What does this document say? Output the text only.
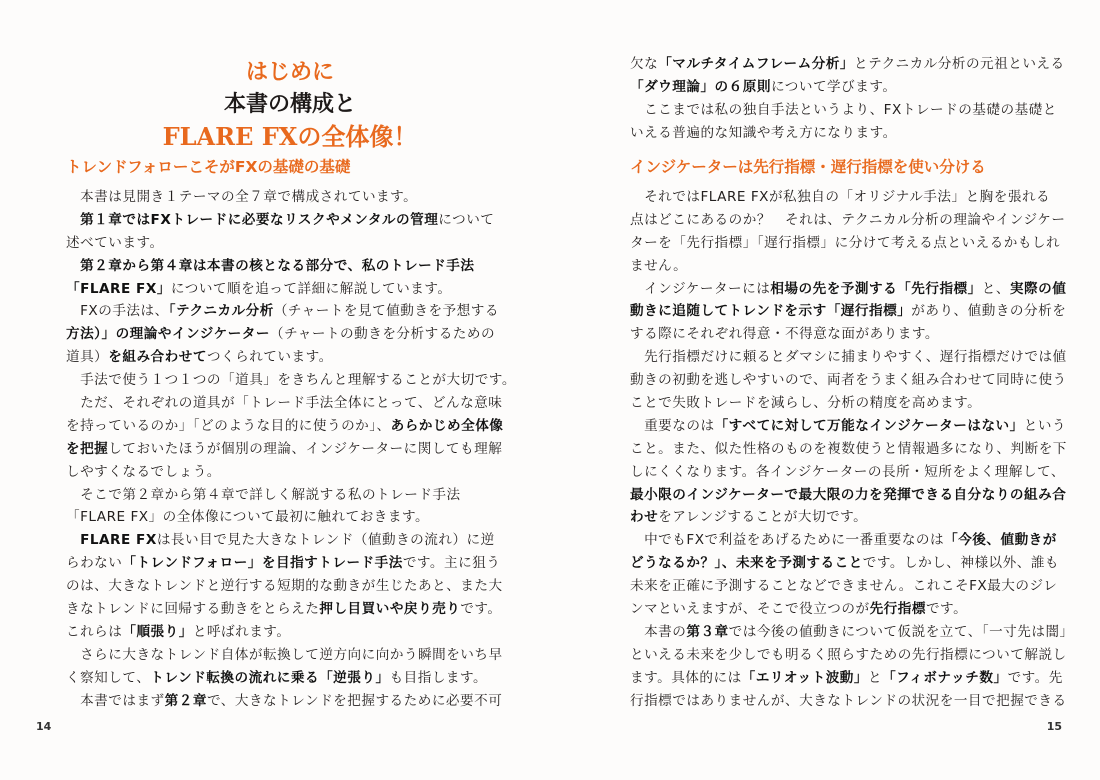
はじめに
本書の構成と
FLARE FXの全体像！
トレンドフォローこそがFXの基礎の基礎
　本書は見開き１テーマの全７章で構成されています。
　第１章ではFXトレードに必要なリスクやメンタルの管理について
述べています。
　第２章から第４章は本書の核となる部分で、私のトレード手法
「FLARE FX」について順を追って詳細に解説しています。
　FXの手法は、「テクニカル分析（チャートを見て値動きを予想する
方法）」の理論やインジケーター（チャートの動きを分析するための
道具）を組み合わせてつくられています。
　手法で使う１つ１つの「道具」をきちんと理解することが大切です。
　ただ、それぞれの道具が「トレード手法全体にとって、どんな意味
を持っているのか」「どのような目的に使うのか」、あらかじめ全体像
を把握しておいたほうが個別の理論、インジケーターに関しても理解
しやすくなるでしょう。
　そこで第２章から第４章で詳しく解説する私のトレード手法
「FLARE FX」の全体像について最初に触れておきます。
　FLARE FXは長い目で見た大きなトレンド（値動きの流れ）に逆
らわない「トレンドフォロー」を目指すトレード手法です。主に狙う
のは、大きなトレンドと逆行する短期的な動きが生じたあと、また大
きなトレンドに回帰する動きをとらえた押し目買いや戻り売りです。
これらは「順張り」と呼ばれます。
　さらに大きなトレンド自体が転換して逆方向に向かう瞬間をいち早
く察知して、トレンド転換の流れに乗る「逆張り」も目指します。
　本書ではまず第２章で、大きなトレンドを把握するために必要不可
14
欠な「マルチタイムフレーム分析」とテクニカル分析の元祖といえる
「ダウ理論」の６原則について学びます。
　ここまでは私の独自手法というより、FXトレードの基礎の基礎と
いえる普遍的な知識や考え方になります。
インジケーターは先行指標・遅行指標を使い分ける
　それではFLARE FXが私独自の「オリジナル手法」と胸を張れる
点はどこにあるのか？　それは、テクニカル分析の理論やインジケー
ターを「先行指標」「遅行指標」に分けて考える点といえるかもしれ
ません。
　インジケーターには相場の先を予測する「先行指標」と、実際の値
動きに追随してトレンドを示す「遅行指標」があり、値動きの分析を
する際にそれぞれ得意・不得意な面があります。
　先行指標だけに頼るとダマシに捕まりやすく、遅行指標だけでは値
動きの初動を逃しやすいので、両者をうまく組み合わせて同時に使う
ことで失敗トレードを減らし、分析の精度を高めます。
　重要なのは「すべてに対して万能なインジケーターはない」という
こと。また、似た性格のものを複数使うと情報過多になり、判断を下
しにくくなります。各インジケーターの長所・短所をよく理解して、
最小限のインジケーターで最大限の力を発揮できる自分なりの組み合
わせをアレンジすることが大切です。
　中でもFXで利益をあげるために一番重要なのは「今後、値動きが
どうなるか？」、未来を予測することです。しかし、神様以外、誰も
未来を正確に予測することなどできません。これこそFX最大のジレ
ンマといえますが、そこで役立つのが先行指標です。
　本書の第３章では今後の値動きについて仮説を立て、「一寸先は闇」
といえる未来を少しでも明るく照らすための先行指標について解説し
ます。具体的には「エリオット波動」と「フィボナッチ数」です。先
行指標ではありませんが、大きなトレンドの状況を一目で把握できる
15
